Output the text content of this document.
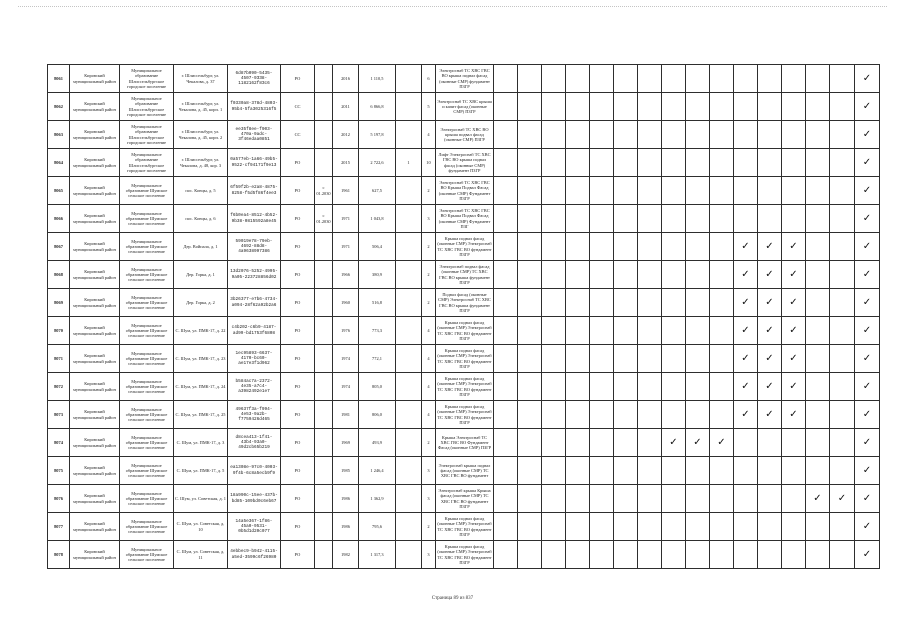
8061	Кировский муниципальный район	Муниципальное образование Шлиссельбургское городское поселение	г. Шлиссельбург, ул. Чекалова, д. 37	6d87b090-5435-4507-9ЗЗ8-1182162f8Зс6	РО		2016	1 110,5		6	Электроснаб ТС ХВС ГВС ВО крыша подвал фасад (оконные СМР) фундамент ПЗГР																✓
8062	Кировский муниципальный район	Муниципальное образование Шлиссельбургское городское поселение	г. Шлиссельбург, ул. Чекалова, д. 45, корп. 1	f0330a8-378d-4803-95b4-5fa3025316f5	СС		2011	6 866,8		5	Электроснаб ТС ХВС крыша и капит фасад (оконные СМР) ПЗГР																✓
8063	Кировский муниципальный район	Муниципальное образование Шлиссельбургское городское поселение	г. Шлиссельбург, ул. Чекалова, д. 45, корп. 2	ee35f8ee-f903-470a-9adc-3f46edaa0851	СС		2012	5 197,8		4	Электроснаб ТС ХВС ВО крыша подвал фасад (оконные СМР) ПЗГР																✓
8064	Кировский муниципальный район	Муниципальное образование Шлиссельбургское городское поселение	г. Шлиссельбург, ул. Чекалова, д. 48, кор. 3	0a577eb-1a66-49b5-9522-cf94171f9e13	РО		2015	2 722,6	1	10	Лифт Электроснаб ТС ХВС ГВС ВО крыша подвал фасад (оконные СМР) фундамент ПЗГР																✓
8065	Кировский муниципальный район	Муниципальное образование Шумское сельское поселение	пос. Концы, д. 5	6f59f2b-e2a8-4875-8258-f5d5f86f4ee3	РО	с 01.2030	1961	627,5		2	Электроснаб ТС ХВС ГВС ВО Крыша Подвал Фасад (оконные СМР) Фундамент ПЗГР																✓
8066	Кировский муниципальный район	Муниципальное образование Шумское сельское поселение	пос. Концы, д. 6	f6b0ea4-8512-4b52-9b38-0815592a8e45	РО	с 01.2030	1971	1 043,8		3	Электроснаб ТС ХВС ГВС ВО Крыша Подвал Фасад (оконные СМР) Фундамент ПЗГ																✓
8067	Кировский муниципальный район	Муниципальное образование Шумское сельское поселение	Дер. Войпала, д. 1	59019e78-79eb-4692-88d8-4a9638997386	РО		1971	506,4		2	Крыша подвал фасад (оконные СМР) Электроснаб ТС ХВС ГВС ВО фундамент ПЗГР											✓	✓	✓			✓
8068	Кировский муниципальный район	Муниципальное образование Шумское сельское поселение	Дер. Горка, д. 1	13d2076-5252-4995-9a05-223728856d02	РО		1966	380,9		2	Электроснаб подвал фасад (оконные СМР) ТС ХВС ГВС ВО крыша фундамент ПЗГР											✓	✓	✓			✓
8069	Кировский муниципальный район	Муниципальное образование Шумское сельское поселение	Дер. Горка, д. 2	3b26377-e7b6-4734-a094-28f62a92b2a6	РО		1960	516,8		2	Подвал фасад (оконные СМР) Электроснаб ТС ХВС ГВС ВО крыша фундамент ПЗГР											✓	✓	✓			✓
8070	Кировский муниципальный район	Муниципальное образование Шумское сельское поселение	С. Шум, ул. ПМК-17, д. 22	c4b202-c6b9-4187-ad99-bd1753f6808	РО		1976	773,3		4	Крыша подвал фасад (оконные СМР) Электроснаб ТС ХВС ГВС ВО фундамент ПЗГР											✓	✓	✓			✓
8071	Кировский муниципальный район	Муниципальное образование Шумское сельское поселение	С. Шум, ул. ПМК-17, д. 23	1ec95893-6637-4170-bc60-ae17e3f1d962	РО		1974	772,1		4	Крыша подвал фасад (оконные СМР) Электроснаб ТС ХВС ГВС ВО фундамент ПЗГР											✓	✓	✓			✓
8072	Кировский муниципальный район	Муниципальное образование Шумское сельское поселение	С. Шум, ул. ПМК-17, д. 24	b584ac7a-2372-4e35-a7c4-a3982492e1e7	РО		1974	805,0		4	Крыша подвал фасад (оконные СМР) Электроснаб ТС ХВС ГВС ВО фундамент ПЗГР											✓	✓	✓			✓
8073	Кировский муниципальный район	Муниципальное образование Шумское сельское поселение	С. Шум, ул. ПМК-17, д. 25	49637f3a-f994-4e53-9a2b-f7759426d465	РО		1981	806,0		4	Крыша подвал фасад (оконные СМР) Электроснаб ТС ХВС ГВС ВО фундамент ПЗГР											✓	✓	✓			✓
8074	Кировский муниципальный район	Муниципальное образование Шумское сельское поселение	С. Шум, ул. ПМК-17, д. 3	d8cea413-1f41-43b4-93a0-49d2cb65b219	РО		1969	493,9		2	Крыша Электроснаб ТС ХВС ГВС ВО Фундамент Фасад (оконные СМР) ПЗГР								✓	✓	✓						✓
8075	Кировский муниципальный район	Муниципальное образование Шумское сельское поселение	С. Шум, ул. ПМК-17, д. 5	ea1308e-97c0-4003-9f4b-6c8a5ecb9f9	РО		1985	1 246,4		3	Электроснаб крыша подвал фасад (оконные СМР) ТС ХВС ГВС ВО фундамент																✓
8076	Кировский муниципальный район	Муниципальное образование Шумское сельское поселение	С. Шум, ул. Советская, д. 1	18a990c-15ee-437b-bd85-109bd0c6eb67	РО		1986	1 362,9		3	Электроснаб крыша Крыша фасад (оконные СМР) ТС ХВС ГВС ВО фундамент ПЗГР														✓	✓	✓
8077	Кировский муниципальный район	Муниципальное образование Шумское сельское поселение	С. Шум, ул. Советская, д. 10	14a5e367-1f86-45a0-9531-0b5d1d20c077	РО		1986	795,6		2	Крыша подвал фасад (оконные СМР) Электроснаб ТС ХВС ГВС ВО фундамент ПЗГР																✓
8078	Кировский муниципальный район	Муниципальное образование Шумское сельское поселение	С. Шум, ул. Советская, д. 11	4ebbec9-b942-4115-a5ed-3599c6f26980	РО		1982	1 317,3		3	Крыша подвал фасад (оконные СМР) Электроснаб ТС ХВС ГВС ВО фундамент ПЗГР																✓
Страница 89 из 837
